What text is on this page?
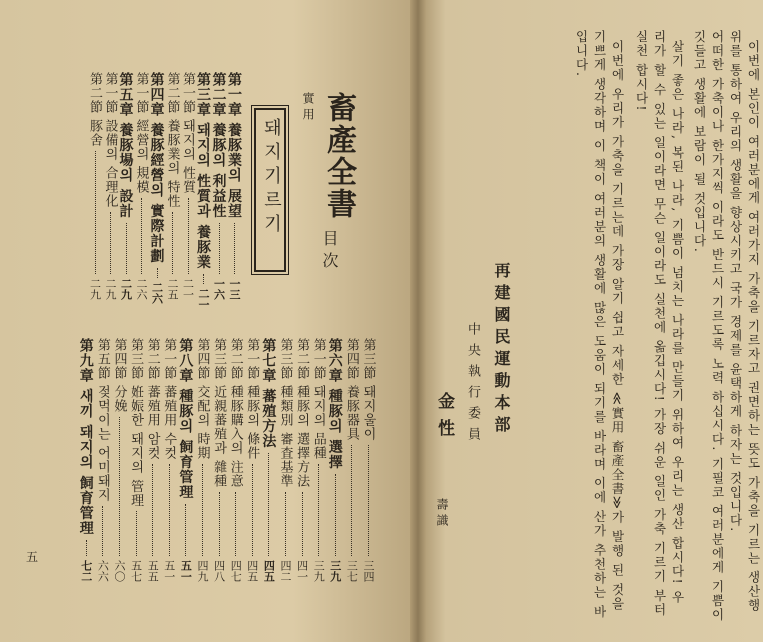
實用 畜產全書
目次
돼지기르기
第一章 養豚業의 展望
一三
第二章 養豚의 利益性
一六
第三章 돼지의 性質과 養豚業
二一
第一節 돼지의 性質
二一
第二節 養豚業의 特性
二五
第四章 養豚經營의 實際計劃
二六
第一節 經營의 規模
二六
第五章 養豚場의 設計
二九
第一節 設備의 合理化
二九
第二節 豚舍
二九
第三節 돼지울이
三四
第四節 養豚器具
三七
第六章 種豚의 選擇
三九
第一節 돼지의 品種
三九
第二節 種豚의 選擇方法
四一
第三節 種類別 審査基準
四二
第七章 蕃殖方法
四五
第一節 種豚의 條件
四五
第二節 種豚購入의 注意
四七
第三節 近親蕃殖과 雜種
四八
第四節 交配의 時期
四九
第八章 種豚의 飼育管理
五一
第一節 蕃殖用 수컷
五一
第二節 蕃殖用 암컷
五五
第三節 姙娠한 돼지의 管理
五七
第四節 分娩
六〇
第五節 젖먹이는 어미돼지
六六
第九章 새끼 돼지의 飼育管理
七二
五	이번에 본인이 여러분에게 여러가지 가축을 기르자고 권면하는 뜻도 가축을 기르는 생산행
위를 통하여 우리의 생활을 향상시키고 국가 경제를 윤택하게 하자는 것입니다.
어떠한 가축이나 한가지씩 이라도 반드시 기르도록 노력 하십시다. 기필코 여러분에게 기쁨이
깃들고 생활에 보람이 될 것입니다.
살기 좋은 나라, 복된 나라, 기쁨이 넘치는 나라를 만들기 위하여 우리는 생산 합시다! 우
리가 할 수 있는 일이라면 무슨 일이라도 실천에 옮깁시다! 가장 쉬운 일인 가축 기르기 부터
실천 합시다!
이번에 우리가 가축을 기르는데 가장 알기 쉽고 자세한 ≪實用 畜產全書≫가 발행 된 것을
기쁘게 생각하며 이 책이 여러분의 생활에 많은 도움이 되기를 바라며 이에 산가 추천하는 바
입니다.
再建國民運動本部
中央執行委員
金性
壽識
